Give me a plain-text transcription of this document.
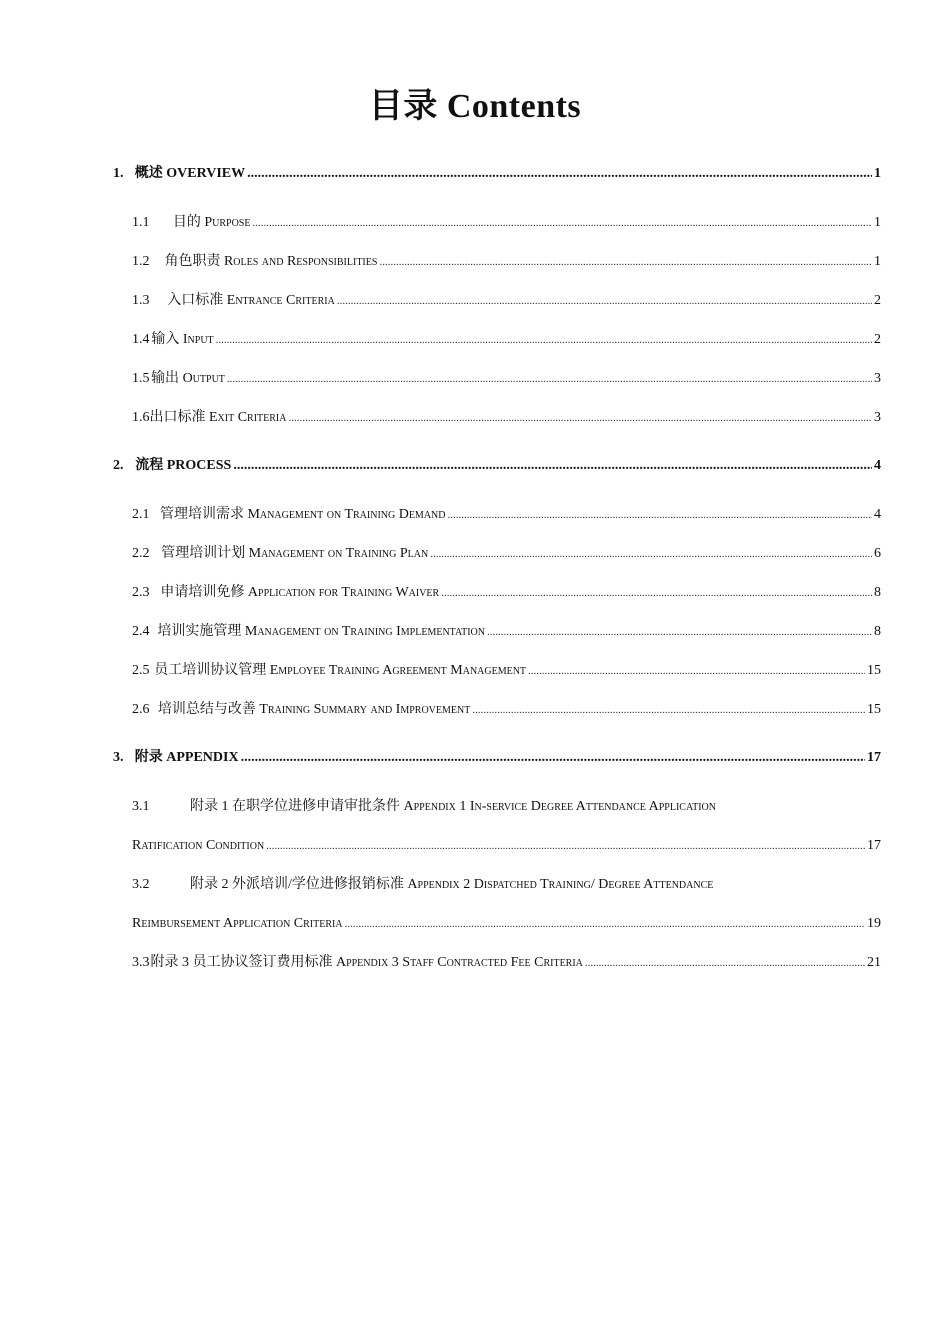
目录 Contents
1. 概述 OVERVIEW .....	1
1.1	目的 Purpose .....	1
1.2	角色职责 Roles and Responsibilities .....	1
1.3	入口标准 Entrance Criteria .....	2
1.4 输入 Input .....	2
1.5 输出 Output .....	3
1.6 出口标准 Exit Criteria .....	3
2. 流程 PROCESS .....	4
2.1 管理培训需求 Management on Training Demand .....	4
2.2 管理培训计划 Management on Training Plan .....	6
2.3 申请培训免修 Application for Training Waiver .....	8
2.4 培训实施管理 Management on Training Implementation .....	8
2.5 员工培训协议管理 Employee Training Agreement Management .....	15
2.6 培训总结与改善 Training Summary and Improvement .....	15
3. 附录 APPENDIX .....	17
3.1	附录 1 在职学位进修申请审批条件 Appendix 1 In-service Degree Attendance Application
Ratification Condition .....	17
3.2	附录 2 外派培训/学位进修报销标准 Appendix 2 Dispatched Training/ Degree Attendance
Reimbursement Application Criteria .....	19
3.3 附录 3 员工协议签订费用标准 Appendix 3 Staff Contracted Fee Criteria .....	21
